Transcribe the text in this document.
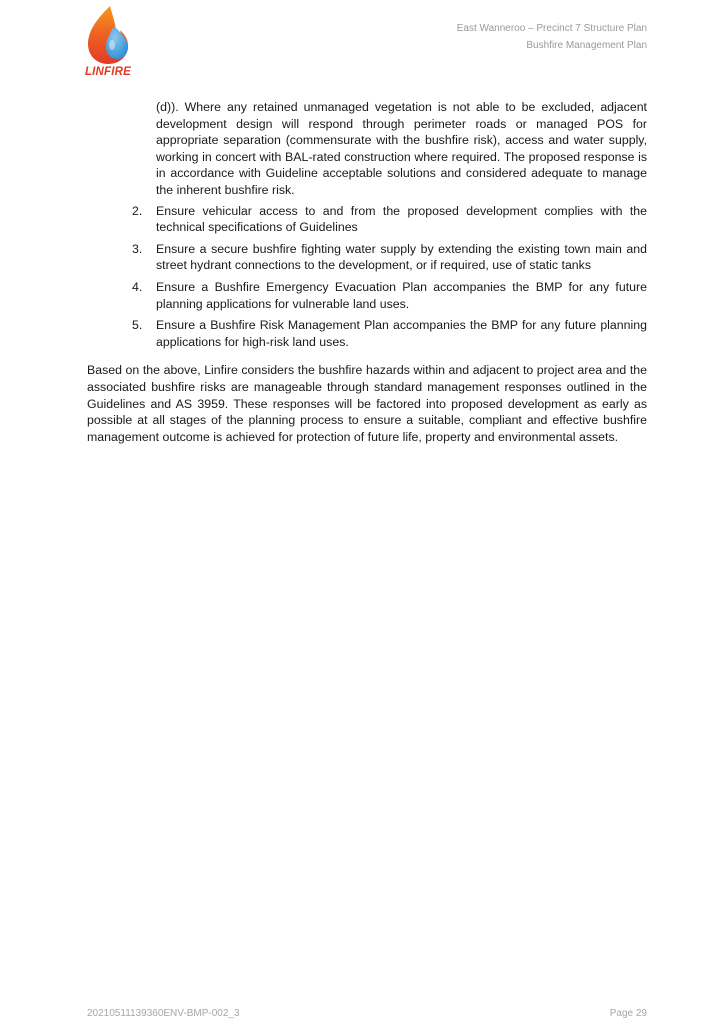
LINFIRE
East Wanneroo – Precinct 7 Structure Plan
Bushfire Management Plan

(d)). Where any retained unmanaged vegetation is not able to be excluded, adjacent development design will respond through perimeter roads or managed POS for appropriate separation (commensurate with the bushfire risk), access and water supply, working in concert with BAL-rated construction where required. The proposed response is in accordance with Guideline acceptable solutions and considered adequate to manage the inherent bushfire risk.

2. Ensure vehicular access to and from the proposed development complies with the technical specifications of Guidelines
3. Ensure a secure bushfire fighting water supply by extending the existing town main and street hydrant connections to the development, or if required, use of static tanks
4. Ensure a Bushfire Emergency Evacuation Plan accompanies the BMP for any future planning applications for vulnerable land uses.
5. Ensure a Bushfire Risk Management Plan accompanies the BMP for any future planning applications for high-risk land uses.

Based on the above, Linfire considers the bushfire hazards within and adjacent to project area and the associated bushfire risks are manageable through standard management responses outlined in the Guidelines and AS 3959. These responses will be factored into proposed development as early as possible at all stages of the planning process to ensure a suitable, compliant and effective bushfire management outcome is achieved for protection of future life, property and environmental assets.

20210511139360ENV-BMP-002_3	Page 29
